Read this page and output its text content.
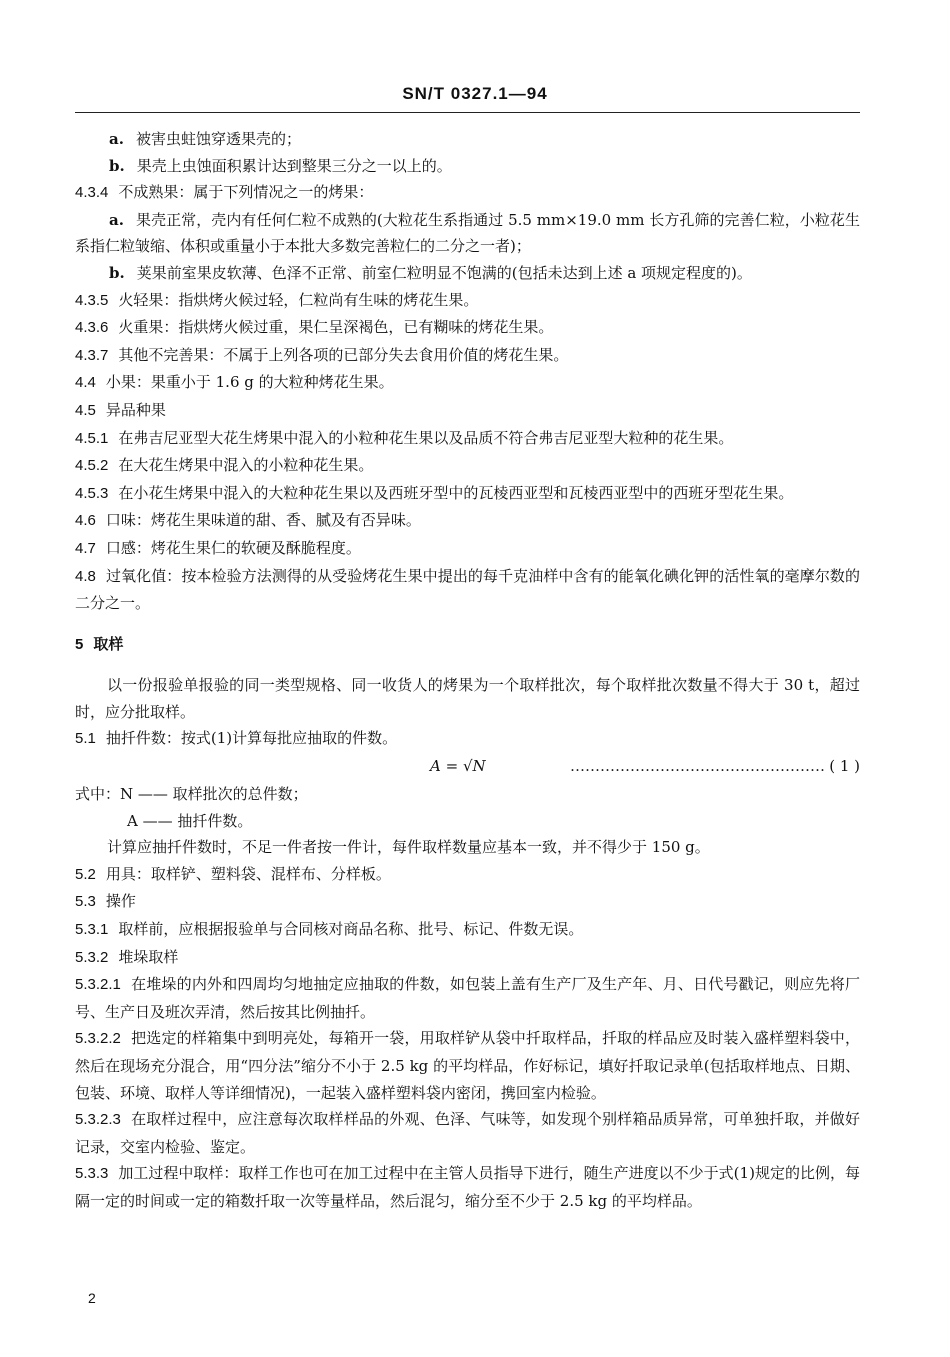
SN/T 0327.1—94

a. 被害虫蛀蚀穿透果壳的；

b. 果壳上虫蚀面积累计达到整果三分之一以上的。

4.3.4 不成熟果：属于下列情况之一的烤果：

a. 果壳正常，壳内有任何仁粒不成熟的(大粒花生系指通过 5.5 mm×19.0 mm 长方孔筛的完善仁粒，小粒花生系指仁粒皱缩、体积或重量小于本批大多数完善粒仁的二分之一者)；

b. 荚果前室果皮软薄、色泽不正常、前室仁粒明显不饱满的(包括未达到上述 a 项规定程度的)。

4.3.5 火轻果：指烘烤火候过轻，仁粒尚有生味的烤花生果。

4.3.6 火重果：指烘烤火候过重，果仁呈深褐色，已有糊味的烤花生果。

4.3.7 其他不完善果：不属于上列各项的已部分失去食用价值的烤花生果。

4.4 小果：果重小于 1.6 g 的大粒种烤花生果。

4.5 异品种果

4.5.1 在弗吉尼亚型大花生烤果中混入的小粒种花生果以及品质不符合弗吉尼亚型大粒种的花生果。

4.5.2 在大花生烤果中混入的小粒种花生果。

4.5.3 在小花生烤果中混入的大粒种花生果以及西班牙型中的瓦棱西亚型和瓦棱西亚型中的西班牙型花生果。

4.6 口味：烤花生果味道的甜、香、腻及有否异味。

4.7 口感：烤花生果仁的软硬及酥脆程度。

4.8 过氧化值：按本检验方法测得的从受验烤花生果中提出的每千克油样中含有的能氧化碘化钾的活性氧的毫摩尔数的二分之一。

5 取样

以一份报验单报验的同一类型规格、同一收货人的烤果为一个取样批次，每个取样批次数量不得大于 30 t，超过时，应分批取样。

5.1 抽扦件数：按式(1)计算每批应抽取的件数。

A = √N	…………………………………………… ( 1 )

式中：N —— 取样批次的总件数；

A —— 抽扦件数。

计算应抽扦件数时，不足一件者按一件计，每件取样数量应基本一致，并不得少于 150 g。

5.2 用具：取样铲、塑料袋、混样布、分样板。

5.3 操作

5.3.1 取样前，应根据报验单与合同核对商品名称、批号、标记、件数无误。

5.3.2 堆垛取样

5.3.2.1 在堆垛的内外和四周均匀地抽定应抽取的件数，如包装上盖有生产厂及生产年、月、日代号戳记，则应先将厂号、生产日及班次弄清，然后按其比例抽扦。

5.3.2.2 把选定的样箱集中到明亮处，每箱开一袋，用取样铲从袋中扦取样品，扦取的样品应及时装入盛样塑料袋中，然后在现场充分混合，用“四分法”缩分不小于 2.5 kg 的平均样品，作好标记，填好扦取记录单(包括取样地点、日期、包装、环境、取样人等详细情况)，一起装入盛样塑料袋内密闭，携回室内检验。

5.3.2.3 在取样过程中，应注意每次取样样品的外观、色泽、气味等，如发现个别样箱品质异常，可单独扦取，并做好记录，交室内检验、鉴定。

5.3.3 加工过程中取样：取样工作也可在加工过程中在主管人员指导下进行，随生产进度以不少于式(1)规定的比例，每隔一定的时间或一定的箱数扦取一次等量样品，然后混匀，缩分至不少于 2.5 kg 的平均样品。

2
